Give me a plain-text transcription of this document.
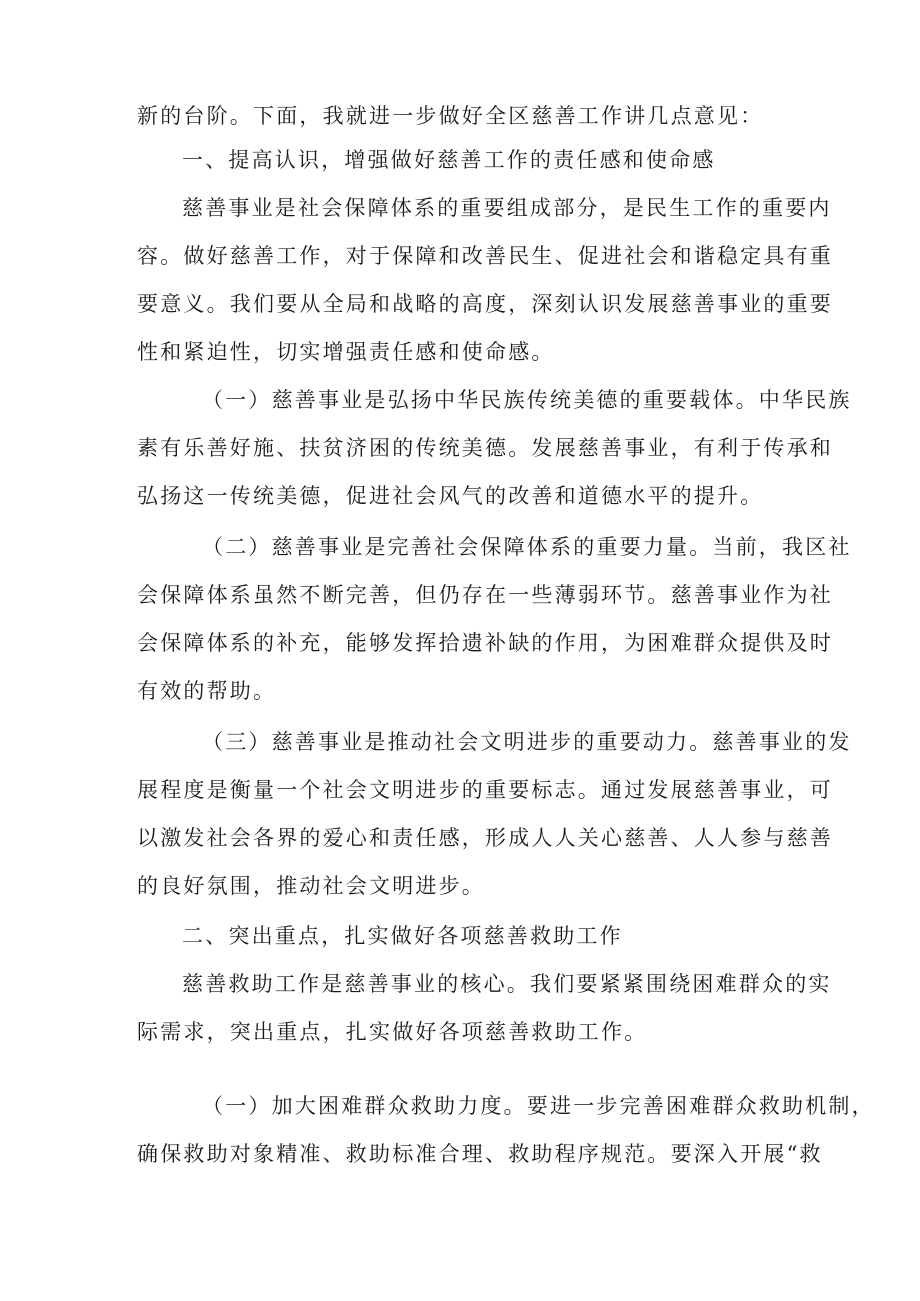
新的台阶。下面，我就进一步做好全区慈善工作讲几点意见：
一、提高认识，增强做好慈善工作的责任感和使命感
慈善事业是社会保障体系的重要组成部分，是民生工作的重要内
容。做好慈善工作，对于保障和改善民生、促进社会和谐稳定具有重
要意义。我们要从全局和战略的高度，深刻认识发展慈善事业的重要
性和紧迫性，切实增强责任感和使命感。
（一）慈善事业是弘扬中华民族传统美德的重要载体。中华民族
素有乐善好施、扶贫济困的传统美德。发展慈善事业，有利于传承和
弘扬这一传统美德，促进社会风气的改善和道德水平的提升。
（二）慈善事业是完善社会保障体系的重要力量。当前，我区社
会保障体系虽然不断完善，但仍存在一些薄弱环节。慈善事业作为社
会保障体系的补充，能够发挥拾遗补缺的作用，为困难群众提供及时
有效的帮助。
（三）慈善事业是推动社会文明进步的重要动力。慈善事业的发
展程度是衡量一个社会文明进步的重要标志。通过发展慈善事业，可
以激发社会各界的爱心和责任感，形成人人关心慈善、人人参与慈善
的良好氛围，推动社会文明进步。
二、突出重点，扎实做好各项慈善救助工作
慈善救助工作是慈善事业的核心。我们要紧紧围绕困难群众的实
际需求，突出重点，扎实做好各项慈善救助工作。
（一）加大困难群众救助力度。要进一步完善困难群众救助机制，
确保救助对象精准、救助标准合理、救助程序规范。要深入开展“救
